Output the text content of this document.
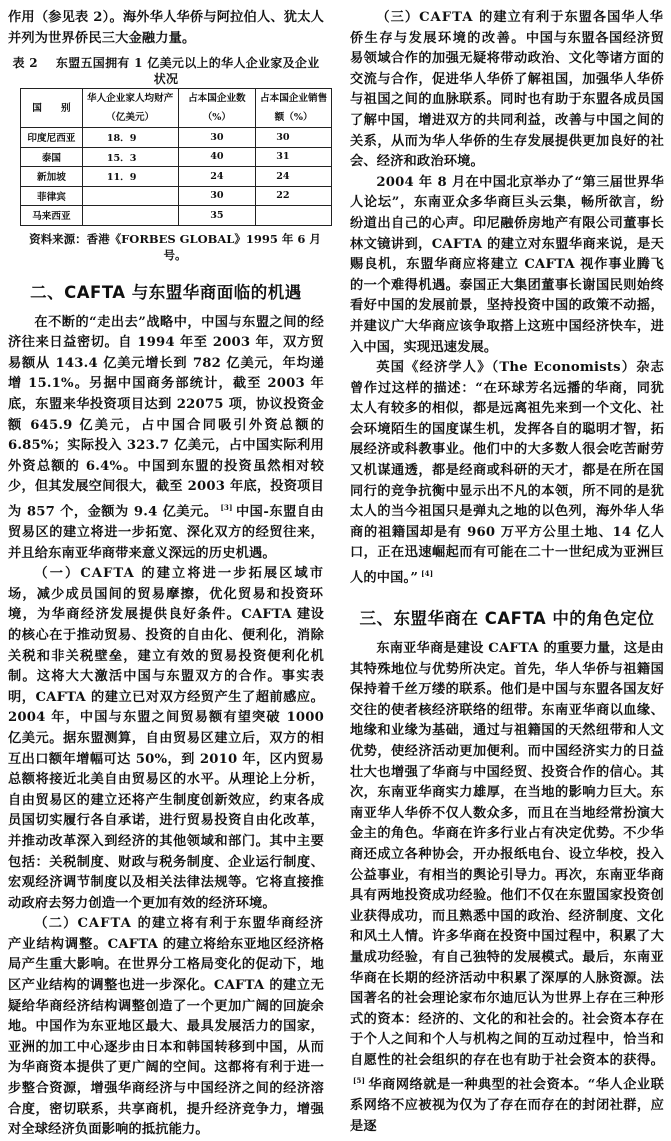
作用（参见表 2）。海外华人华侨与阿拉伯人、犹太人并列为世界侨民三大金融力量。

表 2 东盟五国拥有 1 亿美元以上的华人企业家及企业状况
国　　别	华人企业家人均财产（亿美元）	占本国企业数（%）	占本国企业销售额（%）
印度尼西亚	18．9	30	30
泰国	15．3	40	31
新加坡	11．9	24	24
菲律宾		30	22
马来西亚		35	
资料来源：香港《FORBES GLOBAL》1995 年 6 月号。
二、CAFTA 与东盟华商面临的机遇

在不断的“走出去”战略中，中国与东盟之间的经济往来日益密切。自 1994 年至 2003 年，双方贸易额从 143.4 亿美元增长到 782 亿美元，年均递增 15.1%。另据中国商务部统计，截至 2003 年底，东盟来华投资项目达到 22075 项，协议投资金额 645.9 亿美元，占中国合同吸引外资总额的 6.85%；实际投入 323.7 亿美元，占中国实际利用外资总额的 6.4%。中国到东盟的投资虽然相对较少，但其发展空间很大，截至 2003 年底，投资项目为 857 个，金额为 9.4 亿美元。 [3] 中国-东盟自由贸易区的建立将进一步拓宽、深化双方的经贸往来，并且给东南亚华商带来意义深远的历史机遇。

（一）CAFTA 的建立将进一步拓展区域市场，减少成员国间的贸易摩擦，优化贸易和投资环境，为华商经济发展提供良好条件。CAFTA 建设的核心在于推动贸易、投资的自由化、便利化，消除关税和非关税壁垒，建立有效的贸易投资便利化机制。这将大大激活中国与东盟双方的合作。事实表明，CAFTA 的建立已对双方经贸产生了超前感应。2004 年，中国与东盟之间贸易额有望突破 1000 亿美元。据东盟测算，自由贸易区建立后，双方的相互出口额年增幅可达 50%，到 2010 年，区内贸易总额将接近北美自由贸易区的水平。从理论上分析，自由贸易区的建立还将产生制度创新效应，约束各成员国切实履行各自承诺，进行贸易投资自由化改革，并推动改革深入到经济的其他领域和部门。其中主要包括：关税制度、财政与税务制度、企业运行制度、宏观经济调节制度以及相关法律法规等。它将直接推动政府去努力创造一个更加有效的经济环境。

（二）CAFTA 的建立将有利于东盟华商经济产业结构调整。CAFTA 的建立将给东亚地区经济格局产生重大影响。在世界分工格局变化的促动下，地区产业结构的调整也进一步深化。CAFTA 的建立无疑给华商经济结构调整创造了一个更加广阔的回旋余地。中国作为东亚地区最大、最具发展活力的国家，亚洲的加工中心逐步由日本和韩国转移到中国，从而为华商资本提供了更广阔的空间。这都将有利于进一步整合资源，增强华商经济与中国经济之间的经济溶合度，密切联系，共享商机，提升经济竞争力，增强对全球经济负面影响的抵抗能力。

（三）CAFTA 的建立有利于东盟各国华人华侨生存与发展环境的改善。中国与东盟各国经济贸易领域合作的加强无疑将带动政治、文化等诸方面的交流与合作，促进华人华侨了解祖国，加强华人华侨与祖国之间的血脉联系。同时也有助于东盟各成员国了解中国，增进双方的共同利益，改善与中国之间的关系，从而为华人华侨的生存发展提供更加良好的社会、经济和政治环境。

2004 年 8 月在中国北京举办了“第三届世界华人论坛”，东南亚众多华商巨头云集，畅所欲言，纷纷道出自己的心声。印尼融侨房地产有限公司董事长林文镜讲到，CAFTA 的建立对东盟华商来说，是天赐良机，东盟华商应将建立 CAFTA 视作事业腾飞的一个难得机遇。泰国正大集团董事长谢国民则始终看好中国的发展前景，坚持投资中国的政策不动摇，并建议广大华商应该争取搭上这班中国经济快车，进入中国，实现迅速发展。

英国《经济学人》（The Economists）杂志曾作过这样的描述：“在环球芳名远播的华商，同犹太人有较多的相似，都是远离祖先来到一个文化、社会环境陌生的国度谋生机，发挥各自的聪明才智，拓展经济或科教事业。他们中的大多数人很会吃苦耐劳又机谋通透，都是经商或科研的天才，都是在所在国同行的竞争抗衡中显示出不凡的本领，所不同的是犹太人的当今祖国只是弹丸之地的以色列，海外华人华商的祖籍国却是有 960 万平方公里土地、14 亿人口，正在迅速崛起而有可能在二十一世纪成为亚洲巨人的中国。” [4]

三、东盟华商在 CAFTA 中的角色定位

东南亚华商是建设 CAFTA 的重要力量，这是由其特殊地位与优势所决定。首先，华人华侨与祖籍国保持着千丝万缕的联系。他们是中国与东盟各国友好交往的使者核经济联络的纽带。东南亚华商以血缘、地缘和业缘为基础，通过与祖籍国的天然纽带和人文优势，使经济活动更加便利。而中国经济实力的日益壮大也增强了华商与中国经贸、投资合作的信心。其次，东南亚华商实力雄厚，在当地的影响力巨大。东南亚华人华侨不仅人数众多，而且在当地经常扮演大金主的角色。华商在许多行业占有决定优势。不少华商还成立各种协会，开办报纸电台、设立华校，投入公益事业，有相当的舆论引导力。再次，东南亚华商具有两地投资成功经验。他们不仅在东盟国家投资创业获得成功，而且熟悉中国的政治、经济制度、文化和风土人情。许多华商在投资中国过程中，积累了大量成功经验，有自己独特的发展模式。最后，东南亚华商在长期的经济活动中积累了深厚的人脉资源。法国著名的社会理论家布尔迪厄认为世界上存在三种形式的资本：经济的、文化的和社会的。社会资本存在于个人之间和个人与机构之间的互动过程中，恰当和自愿性的社会组织的存在也有助于社会资本的获得。[5] 华商网络就是一种典型的社会资本。“华人企业联系网络不应被视为仅为了存在而存在的封闭社群，应是逐
